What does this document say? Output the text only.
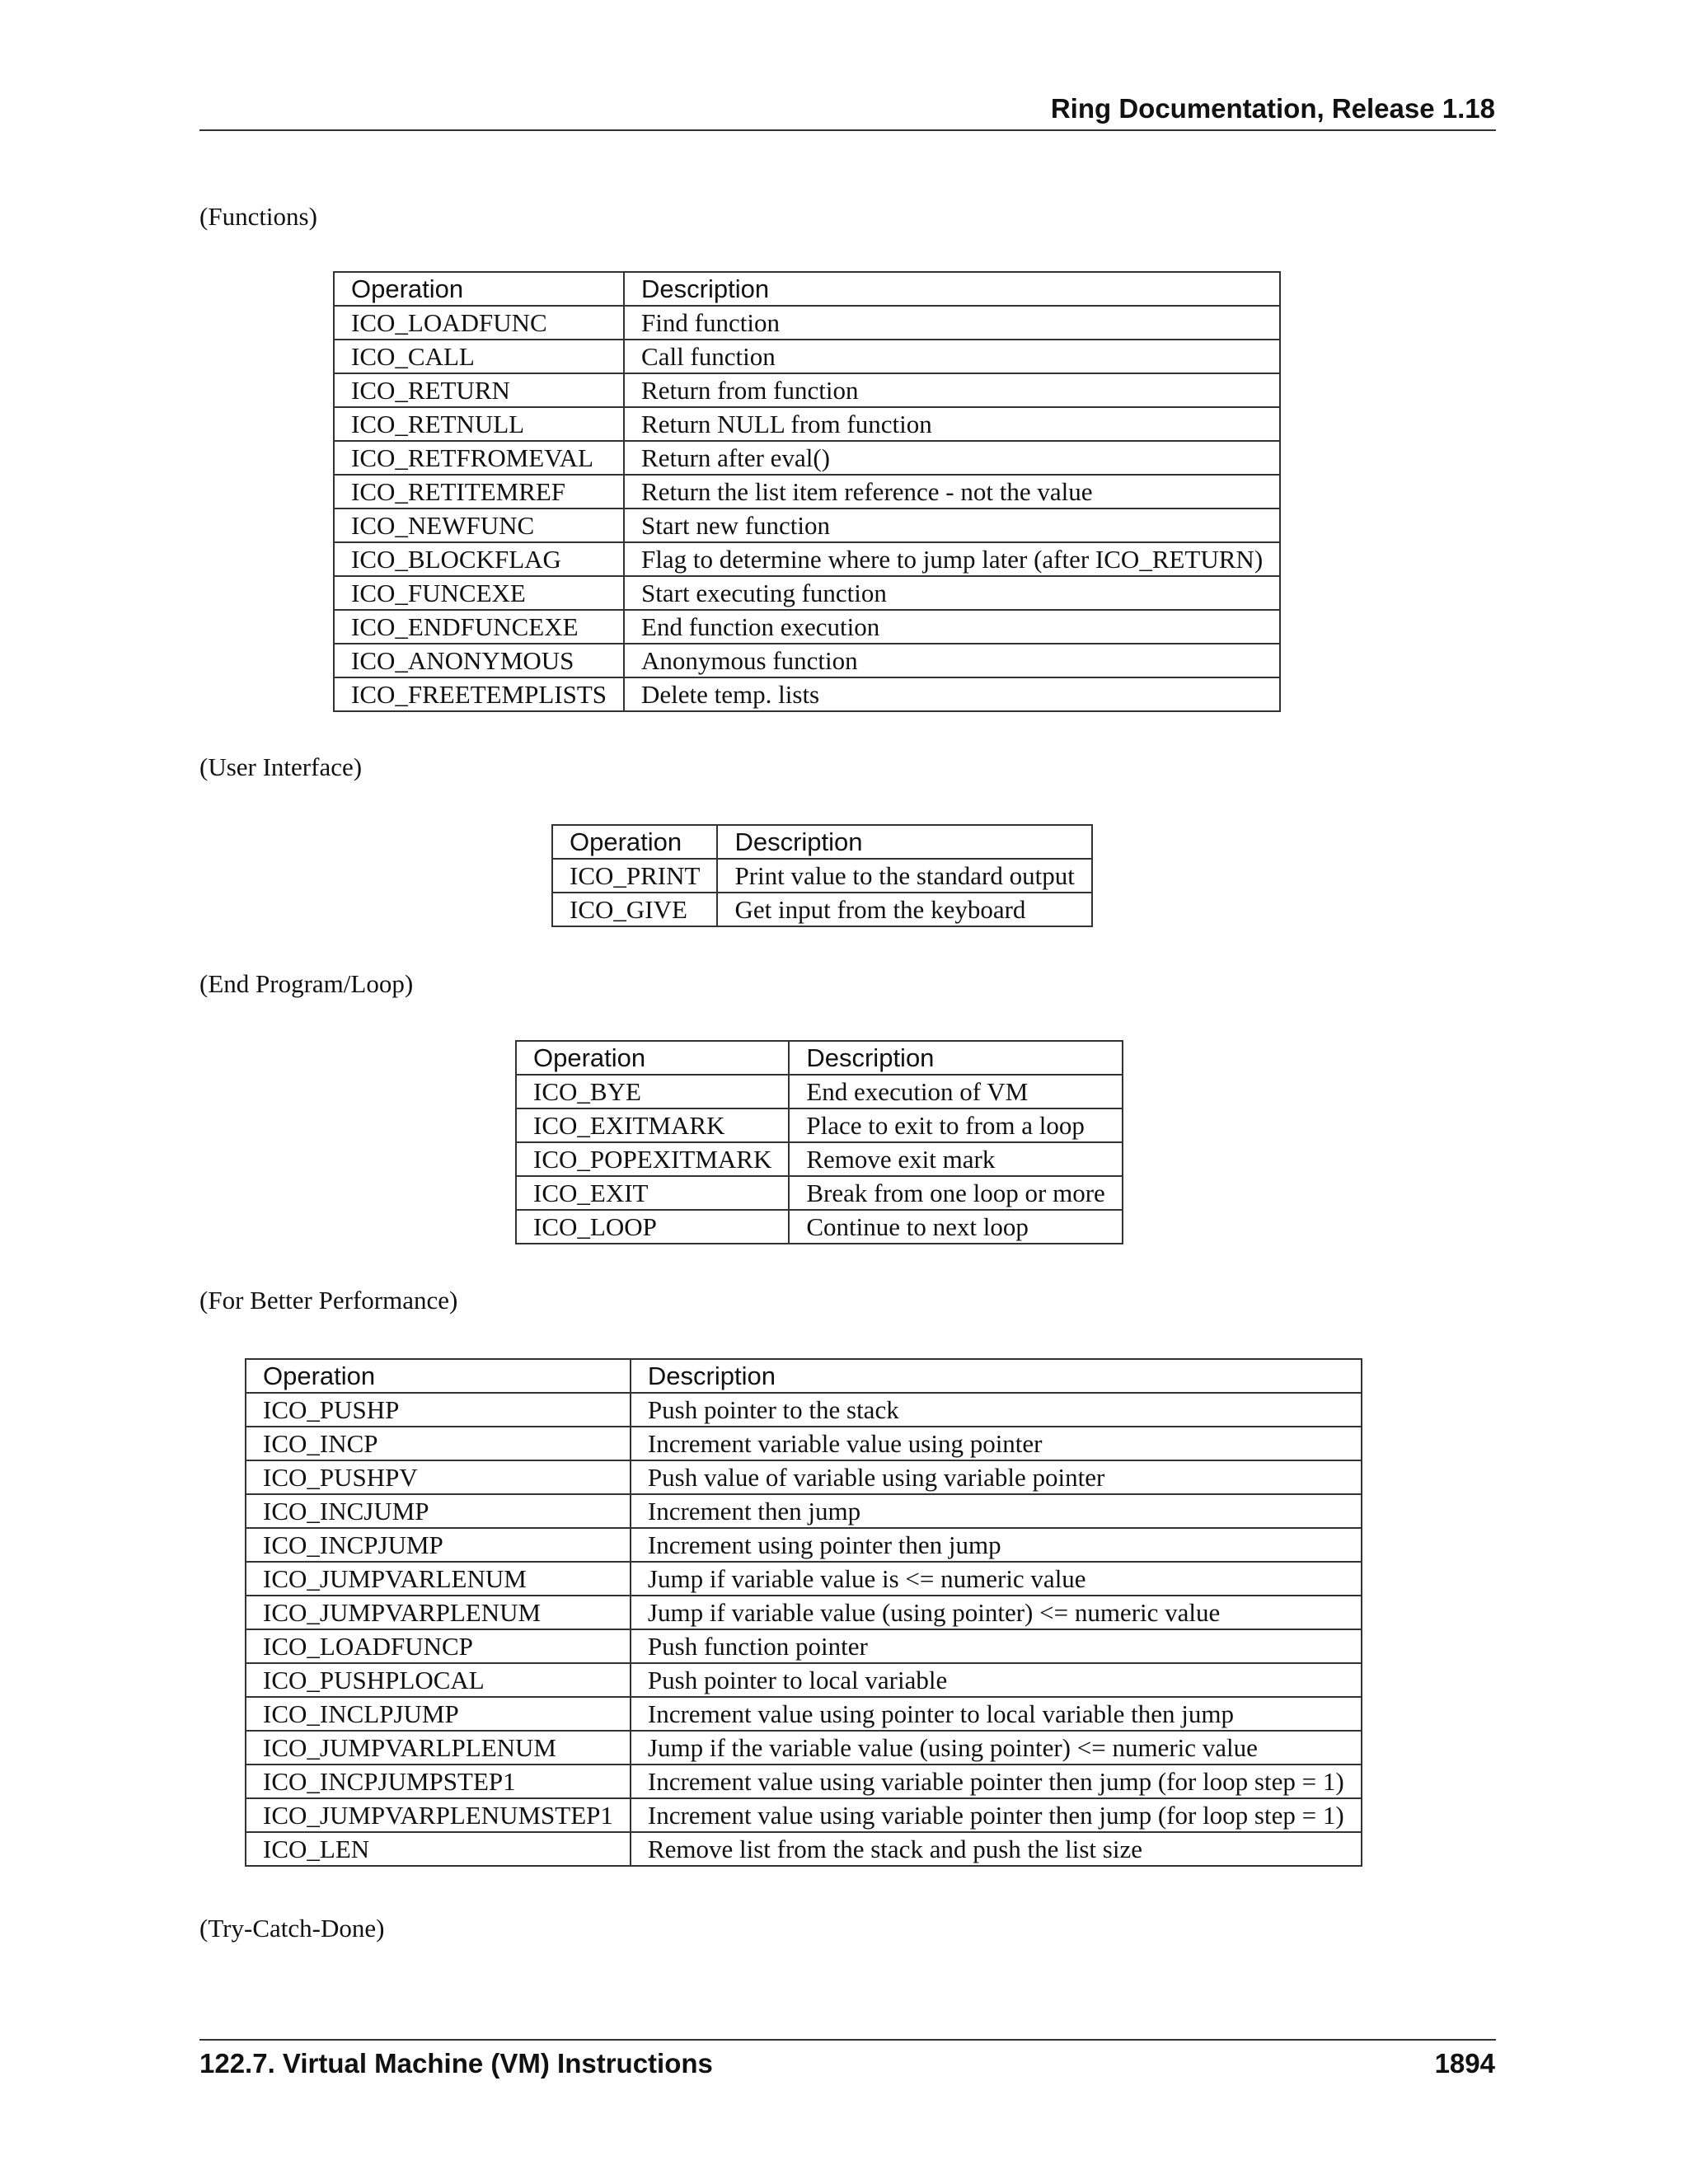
Ring Documentation, Release 1.18
(Functions)
Operation	Description
ICO_LOADFUNC	Find function
ICO_CALL	Call function
ICO_RETURN	Return from function
ICO_RETNULL	Return NULL from function
ICO_RETFROMEVAL	Return after eval()
ICO_RETITEMREF	Return the list item reference - not the value
ICO_NEWFUNC	Start new function
ICO_BLOCKFLAG	Flag to determine where to jump later (after ICO_RETURN)
ICO_FUNCEXE	Start executing function
ICO_ENDFUNCEXE	End function execution
ICO_ANONYMOUS	Anonymous function
ICO_FREETEMPLISTS	Delete temp. lists
(User Interface)
Operation	Description
ICO_PRINT	Print value to the standard output
ICO_GIVE	Get input from the keyboard
(End Program/Loop)
Operation	Description
ICO_BYE	End execution of VM
ICO_EXITMARK	Place to exit to from a loop
ICO_POPEXITMARK	Remove exit mark
ICO_EXIT	Break from one loop or more
ICO_LOOP	Continue to next loop
(For Better Performance)
Operation	Description
ICO_PUSHP	Push pointer to the stack
ICO_INCP	Increment variable value using pointer
ICO_PUSHPV	Push value of variable using variable pointer
ICO_INCJUMP	Increment then jump
ICO_INCPJUMP	Increment using pointer then jump
ICO_JUMPVARLENUM	Jump if variable value is <= numeric value
ICO_JUMPVARPLENUM	Jump if variable value (using pointer) <= numeric value
ICO_LOADFUNCP	Push function pointer
ICO_PUSHPLOCAL	Push pointer to local variable
ICO_INCLPJUMP	Increment value using pointer to local variable then jump
ICO_JUMPVARLPLENUM	Jump if the variable value (using pointer) <= numeric value
ICO_INCPJUMPSTEP1	Increment value using variable pointer then jump (for loop step = 1)
ICO_JUMPVARPLENUMSTEP1	Increment value using variable pointer then jump (for loop step = 1)
ICO_LEN	Remove list from the stack and push the list size
(Try-Catch-Done)
122.7. Virtual Machine (VM) Instructions	1894
